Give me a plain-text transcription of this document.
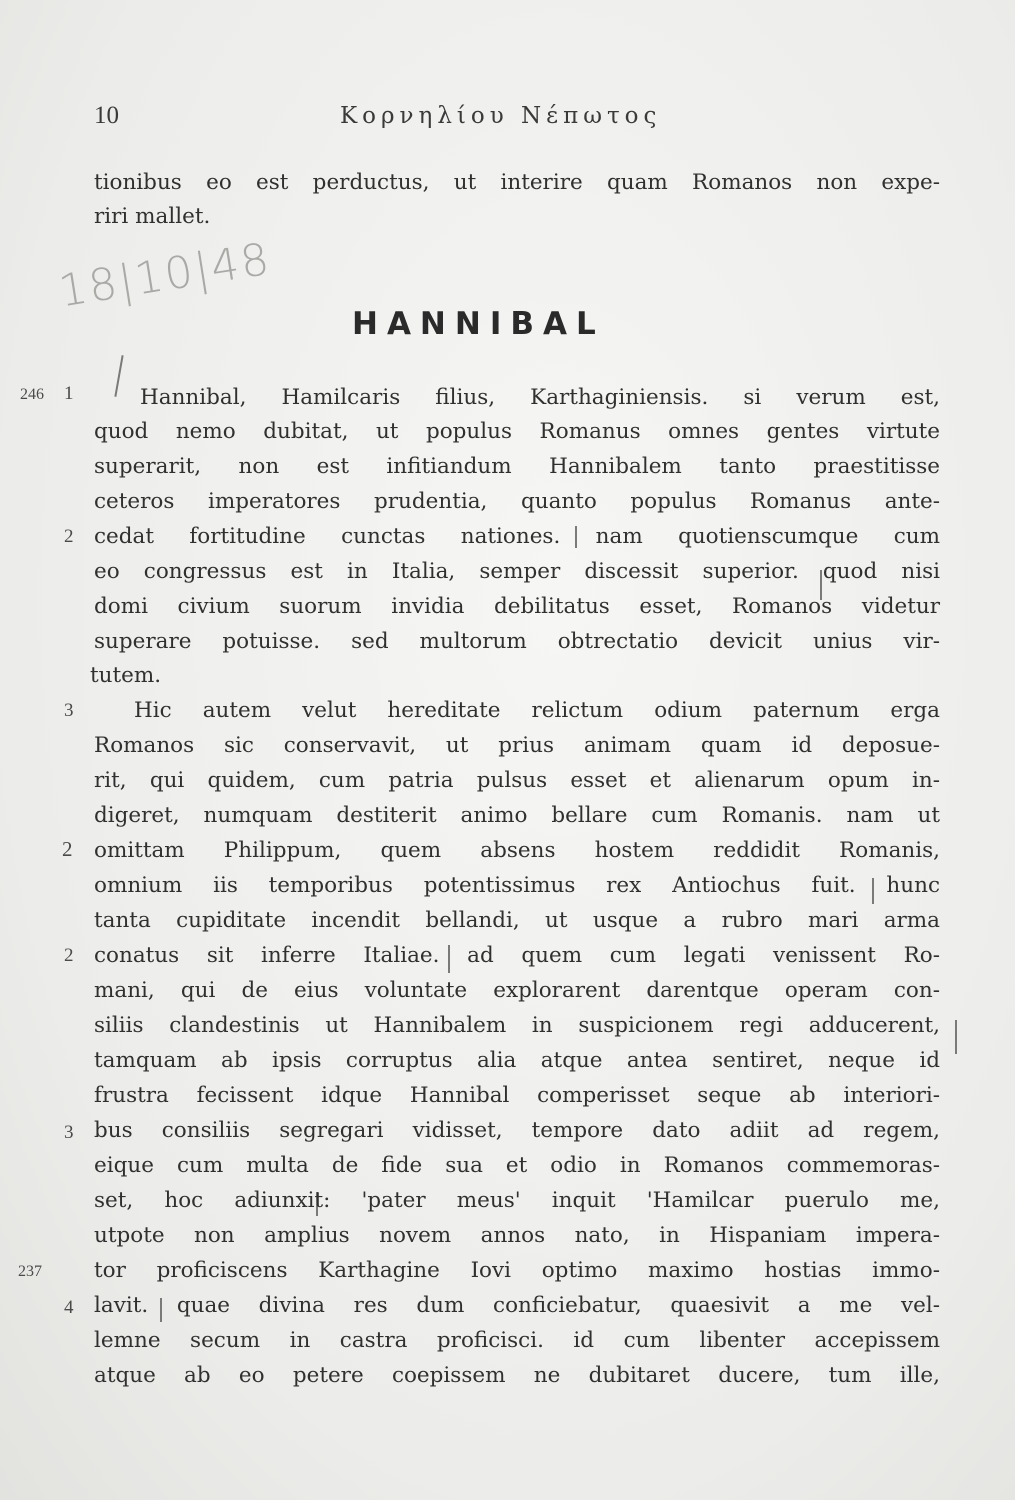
10	Κορνηλίου Νέπωτος
tionibus eo est perductus, ut interire quam Romanos non expe-
riri mallet.
18|10|48
HANNIBAL
246 1
2
3
2
2
3
237
4
Hannibal, Hamilcaris filius, Karthaginiensis. si verum est,
quod nemo dubitat, ut populus Romanus omnes gentes virtute
superarit, non est infitiandum Hannibalem tanto praestitisse
ceteros imperatores prudentia, quanto populus Romanus ante-
cedat fortitudine cunctas nationes. nam quotienscumque cum
eo congressus est in Italia, semper discessit superior. quod nisi
domi civium suorum invidia debilitatus esset, Romanos videtur
superare potuisse. sed multorum obtrectatio devicit unius vir-
tutem.
Hic autem velut hereditate relictum odium paternum erga
Romanos sic conservavit, ut prius animam quam id deposue-
rit, qui quidem, cum patria pulsus esset et alienarum opum in-
digeret, numquam destiterit animo bellare cum Romanis. nam ut
omittam Philippum, quem absens hostem reddidit Romanis,
omnium iis temporibus potentissimus rex Antiochus fuit. hunc
tanta cupiditate incendit bellandi, ut usque a rubro mari arma
conatus sit inferre Italiae. ad quem cum legati venissent Ro-
mani, qui de eius voluntate explorarent darentque operam con-
siliis clandestinis ut Hannibalem in suspicionem regi adducerent,
tamquam ab ipsis corruptus alia atque antea sentiret, neque id
frustra fecissent idque Hannibal comperisset seque ab interiori-
bus consiliis segregari vidisset, tempore dato adiit ad regem,
eique cum multa de fide sua et odio in Romanos commemoras-
set, hoc adiunxit: 'pater meus' inquit 'Hamilcar puerulo me,
utpote non amplius novem annos nato, in Hispaniam impera-
tor proficiscens Karthagine Iovi optimo maximo hostias immo-
lavit. quae divina res dum conficiebatur, quaesivit a me vel-
lemne secum in castra proficisci. id cum libenter accepissem
atque ab eo petere coepissem ne dubitaret ducere, tum ille,
